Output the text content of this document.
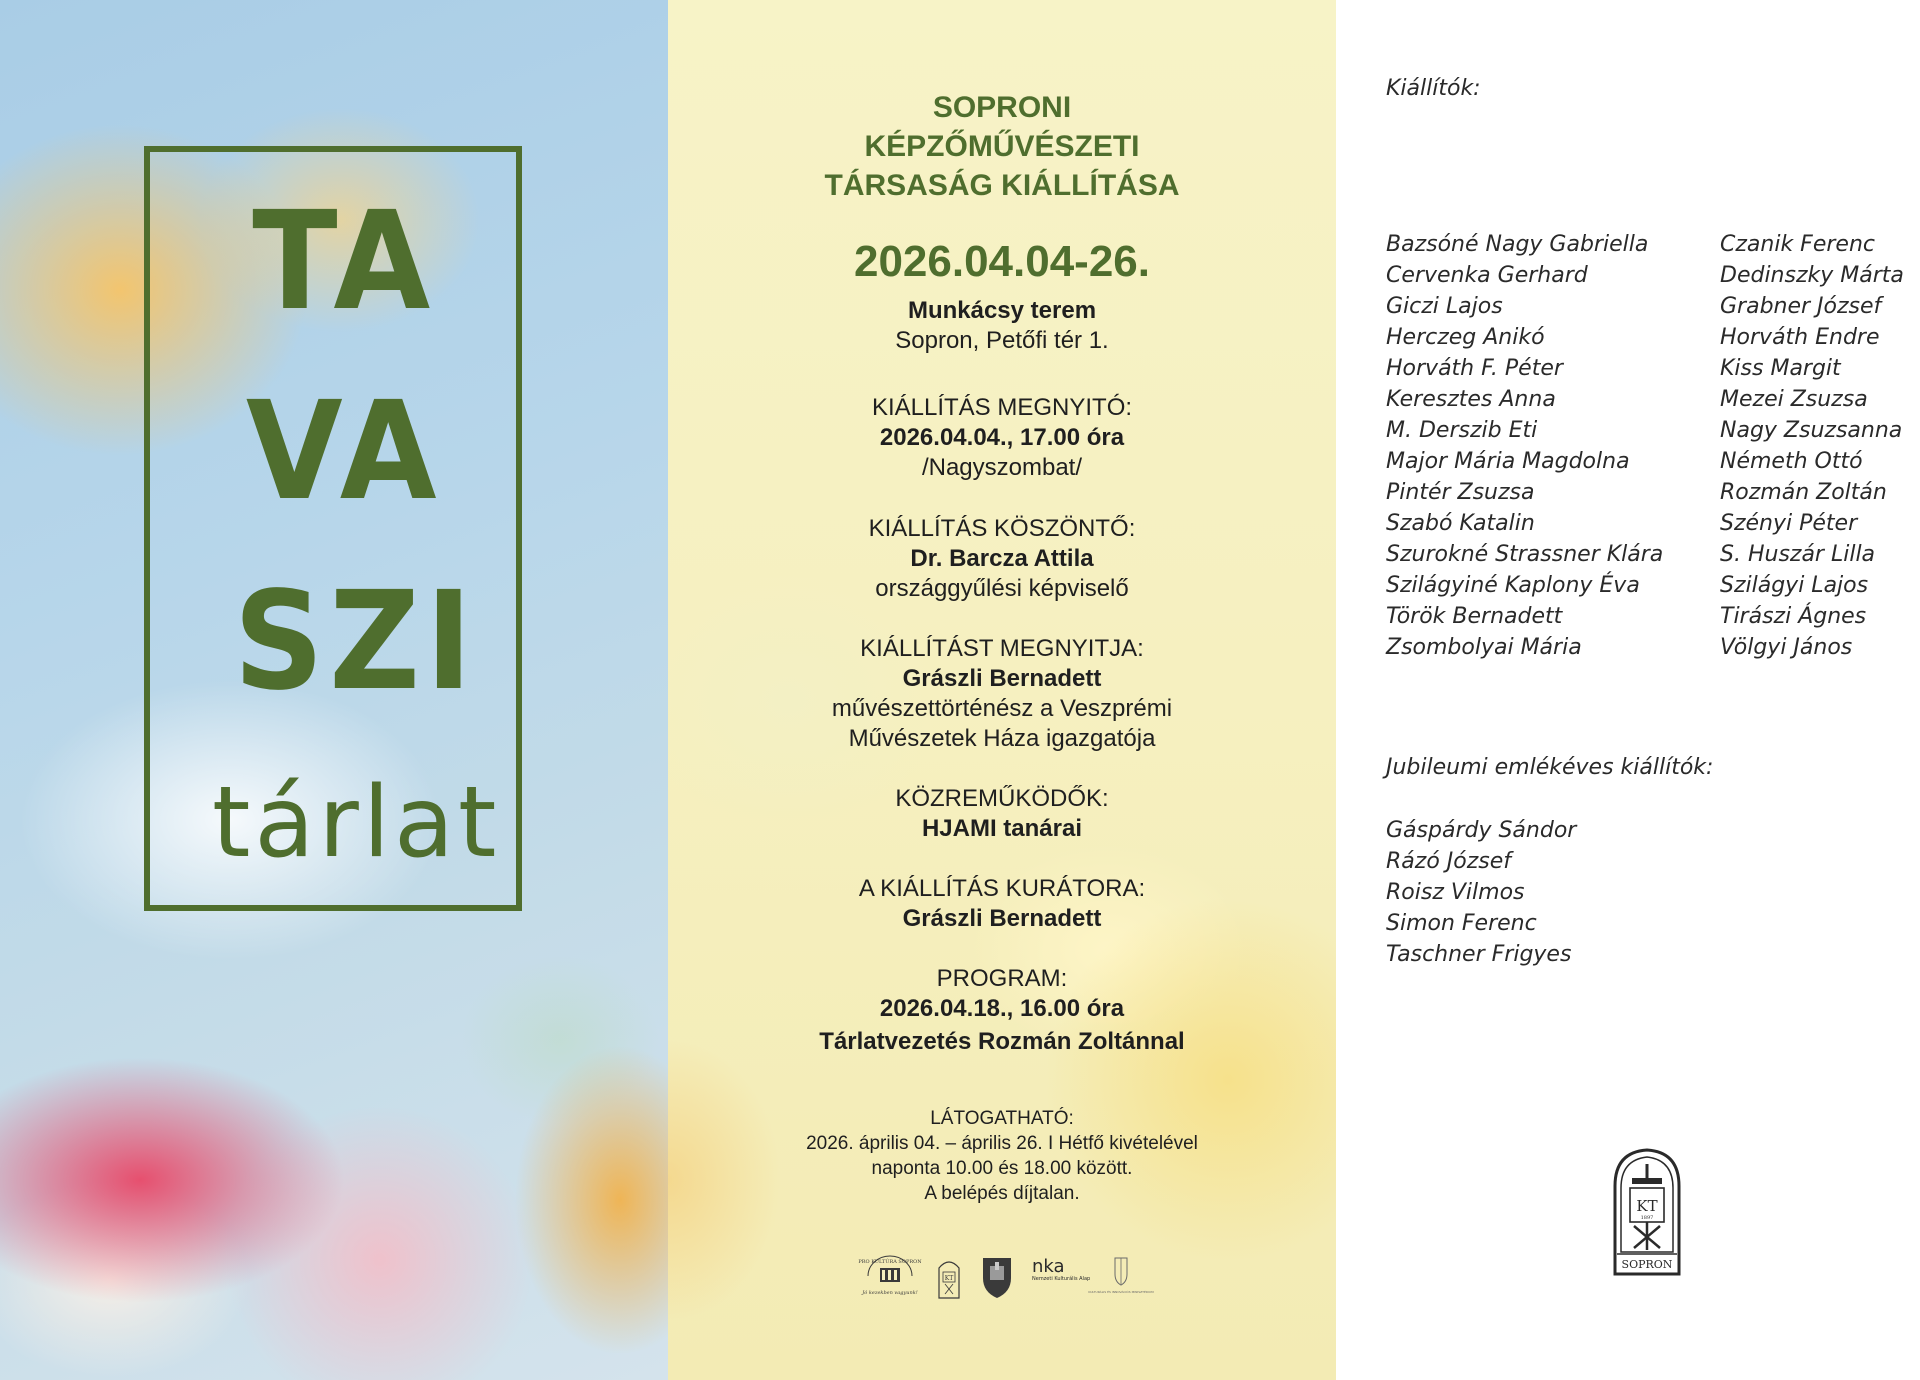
TA
VA
SZI
tárlat
SOPRONI
KÉPZŐMŰVÉSZETI
TÁRSASÁG KIÁLLÍTÁSA
2026.04.04-26.
Munkácsy terem
Sopron, Petőfi tér 1.
KIÁLLÍTÁS MEGNYITÓ:
2026.04.04., 17.00 óra
/Nagyszombat/
KIÁLLÍTÁS KÖSZÖNTŐ:
Dr. Barcza Attila
országgyűlési képviselő
KIÁLLÍTÁST MEGNYITJA:
Grászli Bernadett
művészettörténész a Veszprémi
Művészetek Háza igazgatója
KÖZREMŰKÖDŐK:
HJAMI tanárai
A KIÁLLÍTÁS KURÁTORA:
Grászli Bernadett
PROGRAM:
2026.04.18., 16.00 óra
Tárlatvezetés Rozmán Zoltánnal
LÁTOGATHATÓ:
2026. április 04. – április 26. I Hétfő kivételével
naponta 10.00 és 18.00 között.
A belépés díjtalan.
PRO KULTÚRA SOPRON
Jó kezekben vagyunk!
KT
nka
Nemzeti Kulturális Alap
KULTURÁLIS ÉS INNOVÁCIÓS MINISZTÉRIUM
Kiállítók:
Bazsóné Nagy Gabriella
Cervenka Gerhard
Giczi Lajos
Herczeg Anikó
Horváth F. Péter
Keresztes Anna
M. Derszib Eti
Major Mária Magdolna
Pintér Zsuzsa
Szabó Katalin
Szurokné Strassner Klára
Szilágyiné Kaplony Éva
Török Bernadett
Zsombolyai Mária
Czanik Ferenc
Dedinszky Márta
Grabner József
Horváth Endre
Kiss Margit
Mezei Zsuzsa
Nagy Zsuzsanna
Németh Ottó
Rozmán Zoltán
Szényi Péter
S. Huszár Lilla
Szilágyi Lajos
Tirászi Ágnes
Völgyi János
Jubileumi emlékéves kiállítók:
Gáspárdy Sándor
Rázó József
Roisz Vilmos
Simon Ferenc
Taschner Frigyes
KT
1897
SOPRON
